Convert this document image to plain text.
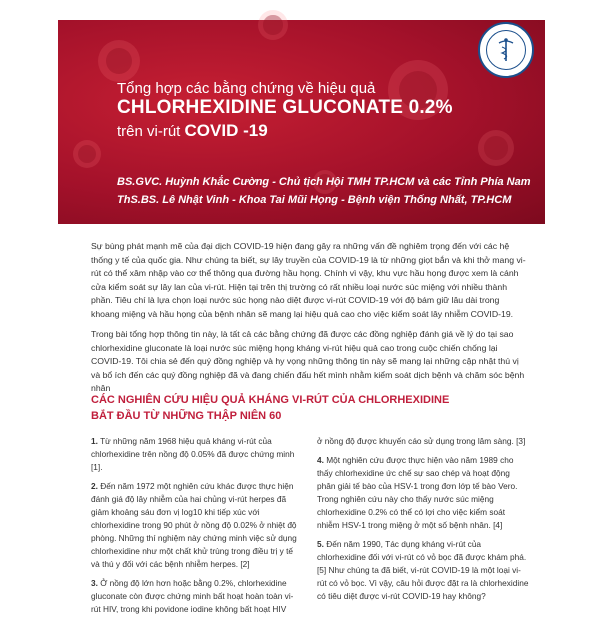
Tổng hợp các bằng chứng về hiệu quả
CHLORHEXIDINE GLUCONATE 0.2%
trên vi-rút COVID -19
BS.GVC. Huỳnh Khắc Cường - Chủ tịch Hội TMH TP.HCM và các Tỉnh Phía Nam
ThS.BS. Lê Nhật Vinh - Khoa Tai Mũi Họng - Bệnh viện Thống Nhất, TP.HCM

Sự bùng phát mạnh mẽ của đại dịch COVID-19 hiện đang gây ra những vấn đề nghiêm trọng đến với các hệ thống y tế của quốc gia. Như chúng ta biết, sự lây truyền của COVID-19 là từ những giọt bắn và khi thở mang vi-rút có thể xâm nhập vào cơ thể thông qua đường hầu họng. Chính vì vậy, khu vực hầu họng được xem là cánh cửa kiểm soát sự lây lan của vi-rút. Hiện tại trên thị trường có rất nhiều loại nước súc miệng với nhiều thành phần. Tiêu chí là lựa chọn loại nước súc họng nào diệt được vi-rút COVID-19 với độ bám giữ lâu dài trong khoang miệng và hầu họng của bệnh nhân sẽ mang lại hiệu quả cao cho việc kiểm soát lây nhiễm COVID-19.

Trong bài tổng hợp thông tin này, là tất cả các bằng chứng đã được các đồng nghiệp đánh giá về lý do tại sao chlorhexidine gluconate là loại nước súc miệng họng kháng vi-rút hiệu quả cao trong cuộc chiến chống lại COVID-19. Tôi chia sẻ đến quý đồng nghiệp và hy vọng những thông tin này sẽ mang lại những cập nhật thú vị và bổ ích đến các quý đồng nghiệp đã và đang chiến đấu hết mình nhằm kiểm soát dịch bệnh và chăm sóc bệnh nhân

CÁC NGHIÊN CỨU HIỆU QUẢ KHÁNG VI-RÚT CỦA CHLORHEXIDINE
BẮT ĐẦU TỪ NHỮNG THẬP NIÊN 60

1. Từ những năm 1968 hiệu quả kháng vi-rút của chlorhexidine trên nồng độ 0.05% đã được chứng minh [1].

2. Đến năm 1972 một nghiên cứu khác được thực hiện đánh giá độ lây nhiễm của hai chủng vi-rút herpes đã giảm khoảng sáu đơn vị log10 khi tiếp xúc với chlorhexidine trong 90 phút ở nồng độ 0.02% ở nhiệt độ phòng. Những thí nghiệm này chứng minh việc sử dụng chlorhexidine như một chất khử trùng trong điều trị y tế và thú y đối với các bệnh nhiễm herpes. [2]

3. Ở nồng độ lớn hơn hoặc bằng 0.2%, chlorhexidine gluconate còn được chứng minh bất hoạt hoàn toàn vi-rút HIV, trong khi povidone iodine không bất hoạt HIV

ở nồng độ được khuyến cáo sử dụng trong lâm sàng. [3]

4. Một nghiên cứu được thực hiện vào năm 1989 cho thấy chlorhexidine ức chế sự sao chép và hoạt động phân giải tế bào của HSV-1 trong đơn lớp tế bào Vero. Trong nghiên cứu này cho thấy nước súc miệng chlorhexidine 0.2% có thể có lợi cho việc kiểm soát nhiễm HSV-1 trong miệng ở một số bệnh nhân. [4]

5. Đến năm 1990, Tác dụng kháng vi-rút của chlorhexidine đối với vi-rút có vỏ bọc đã được khám phá. [5] Như chúng ta đã biết, vi-rút COVID-19 là một loại vi-rút có vỏ bọc. Vì vậy, câu hỏi được đặt ra là chlorhexidine có tiêu diệt được vi-rút COVID-19 hay không?
